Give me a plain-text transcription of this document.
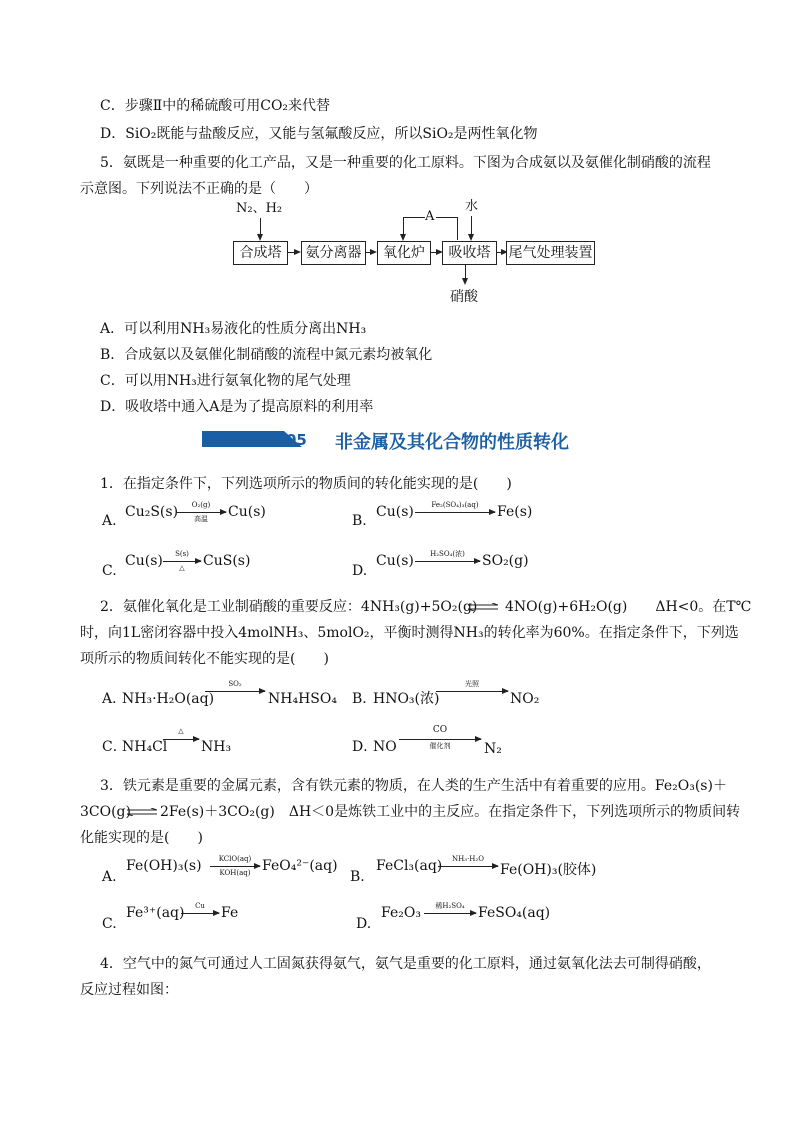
C．步骤Ⅱ中的稀硫酸可用CO₂来代替
D．SiO₂既能与盐酸反应，又能与氢氟酸反应，所以SiO₂是两性氧化物
5．氨既是一种重要的化工产品，又是一种重要的化工原料。下图为合成氨以及氨催化制硝酸的流程
示意图。下列说法不正确的是（　　）
N₂、H₂
合成塔	氨分离器	氧化炉	吸收塔	尾气处理装置
A
水
硝酸
A．可以利用NH₃易液化的性质分离出NH₃
B．合成氨以及氨催化制硝酸的流程中氮元素均被氧化
C．可以用NH₃进行氨氧化物的尾气处理
D．吸收塔中通入A是为了提高原料的利用率
考点 05 非金属及其化合物的性质转化
1．在指定条件下，下列选项所示的物质间的转化能实现的是(　　)
A.
Cu₂S(s)	O₂(g)
高温	Cu(s)
B.
Cu(s)	Fe₂(SO₄)₃(aq)	Fe(s)
C.
Cu(s)	S(s)
△	CuS(s)
D.
Cu(s)	H₂SO₄(浓)	SO₂(g)
2．氨催化氧化是工业制硝酸的重要反应：4NH₃(g)+5O₂(g) ⇌ 4NO(g)+6H₂O(g)　　ΔH<0。在T℃
时，向1L密闭容器中投入4molNH₃、5molO₂，平衡时测得NH₃的转化率为60%。在指定条件下，下列选
项所示的物质间转化不能实现的是(　　)
A．
NH₃·H₂O(aq)
SO₂
→ NH₄HSO₄ B．
HNO₃(浓)
光照
NO₂
C．
NH₄Cl
△
→ NH₃	D．
NO
CO
催化剂	N₂
3．铁元素是重要的金属元素，含有铁元素的物质，在人类的生产生活中有着重要的应用。Fe₂O₃(s)＋
3CO(g) ⇌ 2Fe(s)＋3CO₂(g)　ΔH＜0是炼铁工业中的主反应。在指定条件下，下列选项所示的物质间转
化能实现的是(　　)
A.
Fe(OH)₃(s)	KClO(aq)
KOH(aq) FeO₄²⁻(aq)
B.
FeCl₃(aq)	NH₃·H₂O
→ Fe(OH)₃(胶体)
C.
Fe³⁺(aq)	Cu → Fe
D.
Fe₂O₃	稀H₂SO₄ → FeSO₄(aq)
4．空气中的氮气可通过人工固氮获得氨气，氨气是重要的化工原料，通过氨氧化法去可制得硝酸，
反应过程如图：
